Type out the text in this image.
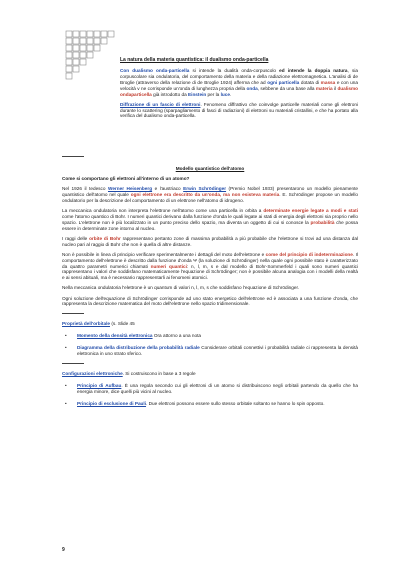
La natura della materia quantistica: il dualismo onda-particella

Con dualismo onda-particella si intende la dualità onda-corpuscolo ed intende la doppia natura, sia corpuscolare sia ondulatoria, del comportamento della materia e della radiazione elettromagnetica. L'analisi di de Broglie (attraverso della relazione di de Broglie 1924) afferma che ad ogni particella dotata di massa e con una velocità v ne corrisponde un'onda di lunghezza propria della onda, sebbene da una base alla materia il dualismo ondaparticella già introdotto da Einstein per la luce.

Diffrazione di un fascio di elettroni. Fenomeno diffrattivo che coinvolge particelle materiali come gli elettroni durante lo scattering (sparpagliamento di fasci di radiazioni) di elettroni su materiali cristallini, e che ha portato alla verifica del dualismo onda-particella.

Modello quantistico dell'atomo

Come si comportano gli elettroni all'interno di un atomo?

Nel 1926 il tedesco Werner Heisenberg e l'austriaco Erwin Schrödinger (Premio Nobel 1933) presentarono un modello pienamente quantistico dell'atomo nel quale ogni elettrone era descritto da un'onda, ma non esisteva materia. E. Schrödinger propose un modello ondulatorio per la descrizione del comportamento di un elettrone nell'atomo di idrogeno.

La meccanica ondulatoria non interpreta l'elettrone nell'atomo come una particella in orbita a determinate energie legate a modi e stati come l'atomo quantico di Bohr. I numeri quantici derivano dalla funzione d'onda le quali legate ai stati di energia degli elettroni sia proprio nello spazio. L'elettrone non è più localizzato in un punto preciso dello spazio, ma diventa un oggetto di cui si conosce la probabilità che possa essere in determinate zone intorno al nucleo.

I raggi delle orbite di Bohr rappresentano pertanto zone di massima probabilità a più probabile che l'elettrone si trovi ad una distanza dal nucleo pari al raggio di Bohr che non è quella di altre distanze.

Non è possibile in linea di principio verificare sperimentalmente i dettagli del moto dell'elettrone e come del principio di indeterminazione. Il comportamento dell'elettrone è descritto dalla funzione d'onda Ψ (la soluzione di Schrödinger) nella quale ogni possibile stato è caratterizzato da quattro parametri numerici chiamati numeri quantici: n, l, m, s e dal modello di Bohr-Sommerfeld i quali sono numeri quantici rappresentano i valori che soddisfano matematicamente l'equazione di Schrödinger; non è possibile alcuna analogia con i modelli della realtà e ai sensi abituali, ma è necessario rappresentarli ai fenomeni atomici.

Nella meccanica ondulatoria l'elettrone è un quantum di valori n, l, m, s che soddisfano l'equazione di Schrödinger.

Ogni soluzione dell'equazione di Schrödinger corrisponde ad uno stato energetico dell'elettrone ed è associata a una funzione d'onda, che rappresenta la descrizione matematica del moto dell'elettrone nello spazio tridimensionale.

Proprietà dell'orbitale (s. Slide 45

•	Momento della densità elettronica Ora attorno a una nota
•	Diagramma della distribuzione della probabilità radiale Considerare orbitali connettivi i probabilità radiale ci rappresenta la densità elettronica in uno strato sferico.

Configurazioni elettroniche. Si costruiscono in base a 3 regole

•	Principio di Aufbau. È una regola secondo cui gli elettroni di un atomo si distribuiscono negli orbitali partendo da quello che ha energia minore, dice quelli più vicini al nucleo.
•	Principio di esclusione di Pauli. Due elettroni possono essere sullo stesso orbitale soltanto se hanno lo spin opposto.
9
